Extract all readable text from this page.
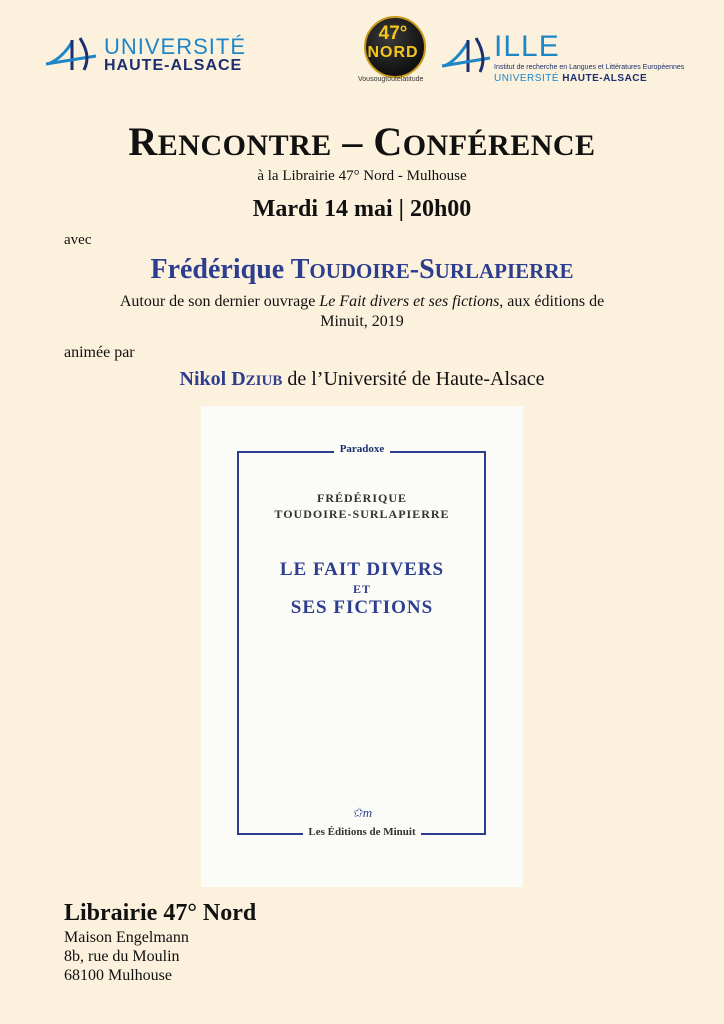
UNIVERSITÉ
HAUTE-ALSACE
47°
NORD
Vousougtoutelatitude
ILLE
Institut de recherche en Langues et Littératures Européennes
UNIVERSITÉ HAUTE-ALSACE
RENCONTRE – CONFÉRENCE
à la Librairie 47° Nord - Mulhouse
Mardi 14 mai | 20h00
avec
Frédérique TOUDOIRE-SURLAPIERRE
Autour de son dernier ouvrage Le Fait divers et ses fictions, aux éditions de Minuit, 2019
animée par
Nikol DZIUB de l’Université de Haute-Alsace
Paradoxe
FRÉDÉRIQUE
TOUDOIRE-SURLAPIERRE
LE FAIT DIVERS
ET
SES FICTIONS
✩m
Les Éditions de Minuit
Librairie 47° Nord
Maison Engelmann
8b, rue du Moulin
68100 Mulhouse
